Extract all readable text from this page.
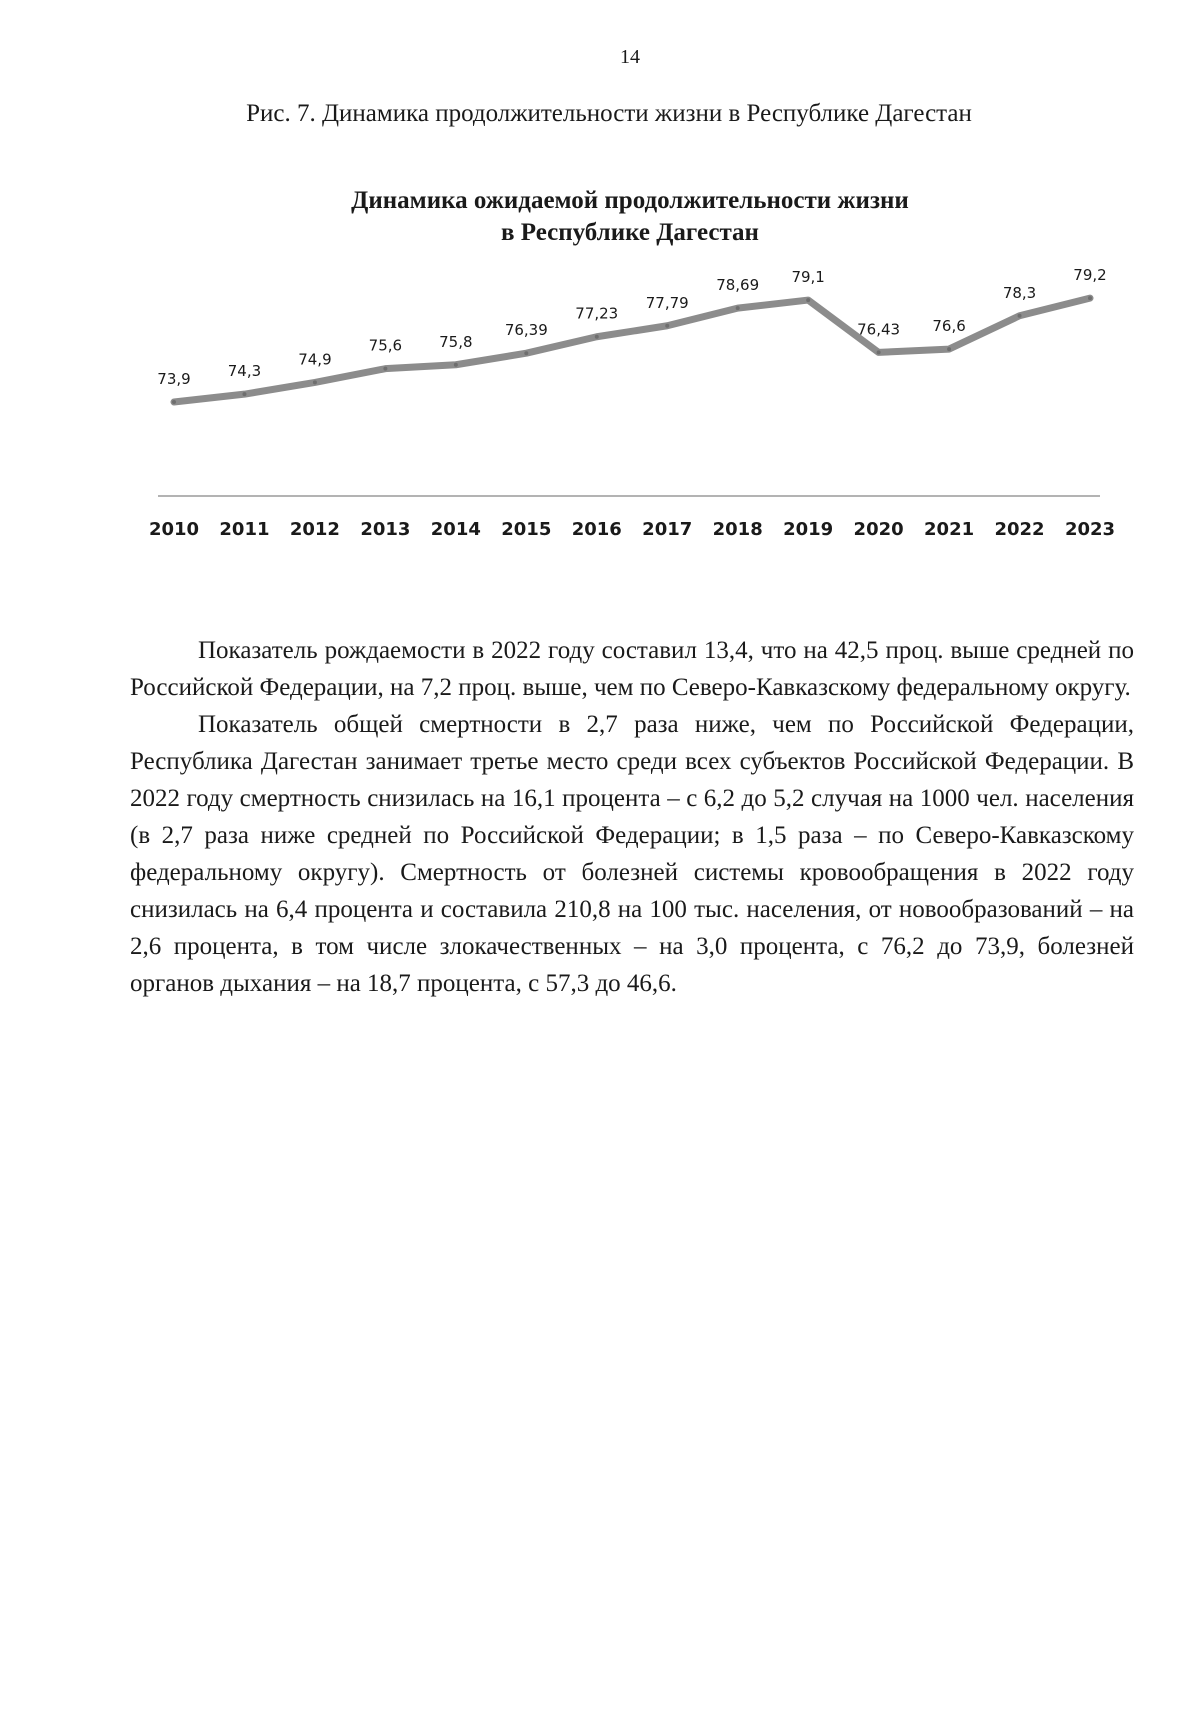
14
Рис. 7. Динамика продолжительности жизни в Республике Дагестан
Динамика ожидаемой продолжительности жизни
в Республике Дагестан
73,9 74,3
74,9
75,6 75,8
76,39
77,23
77,79
78,69 79,1
76,43 76,6
78,3
79,2
2010 2011 2012 2013 2014 2015 2016 2017 2018 2019 2020 2021 2022 2023

Показатель рождаемости в 2022 году составил 13,4, что на 42,5 проц. выше средней по Российской Федерации, на 7,2 проц. выше, чем по Северо-Кавказскому федеральному округу.

Показатель общей смертности в 2,7 раза ниже, чем по Российской Федерации, Республика Дагестан занимает третье место среди всех субъектов Российской Федерации. В 2022 году смертность снизилась на 16,1 процента – с 6,2 до 5,2 случая на 1000 чел. населения (в 2,7 раза ниже средней по Российской Федерации; в 1,5 раза – по Северо-Кавказскому федеральному округу). Смертность от болезней системы кровообращения в 2022 году снизилась на 6,4 процента и составила 210,8 на 100 тыс. населения, от новообразований – на 2,6 процента, в том числе злокачественных – на 3,0 процента, с 76,2 до 73,9, болезней органов дыхания – на 18,7 процента, с 57,3 до 46,6.
